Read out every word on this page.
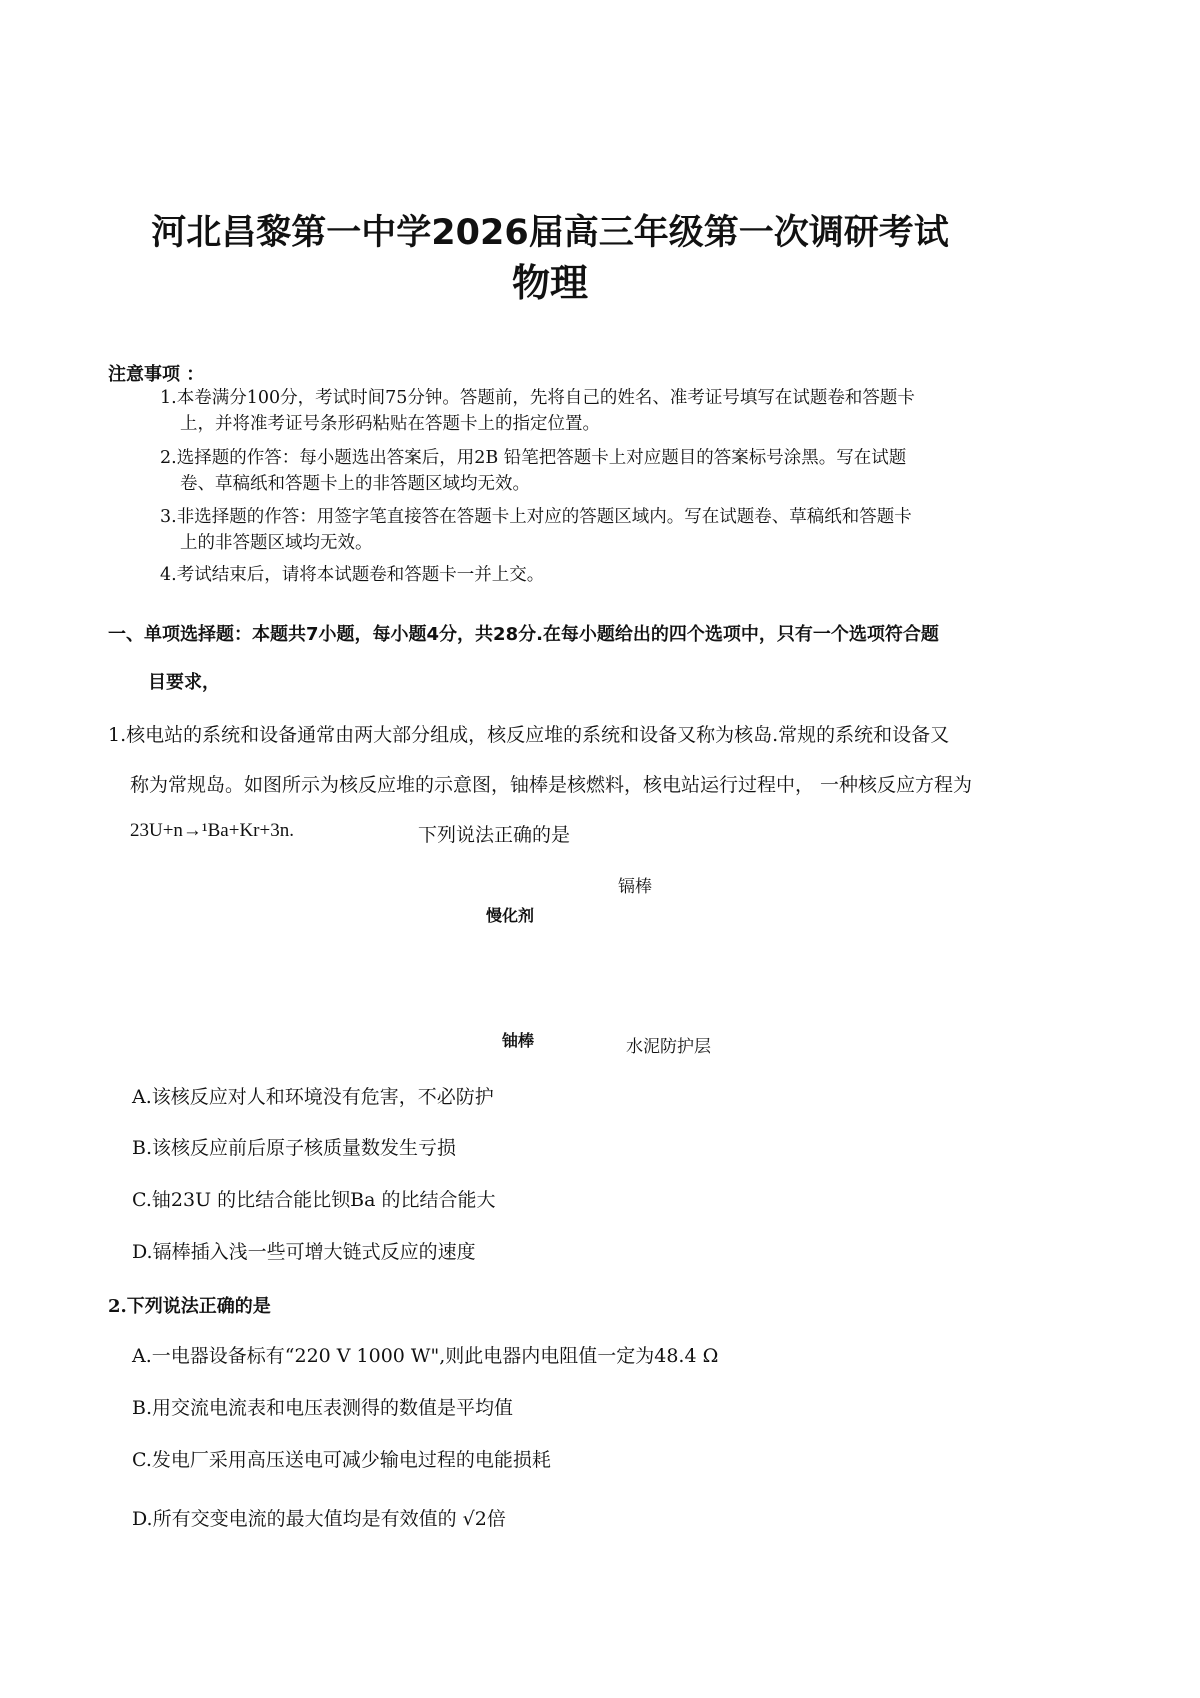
河北昌黎第一中学2026届高三年级第一次调研考试
物理
注意事项 ：
1.本卷满分100分，考试时间75分钟。答题前，先将自己的姓名、准考证号填写在试题卷和答题卡
上，并将准考证号条形码粘贴在答题卡上的指定位置。
2.选择题的作答：每小题选出答案后，用2B 铅笔把答题卡上对应题目的答案标号涂黑。写在试题
卷、草稿纸和答题卡上的非答题区域均无效。
3.非选择题的作答：用签字笔直接答在答题卡上对应的答题区域内。写在试题卷、草稿纸和答题卡
上的非答题区域均无效。
4.考试结束后，请将本试题卷和答题卡一并上交。
一、单项选择题：本题共7小题，每小题4分，共28分.在每小题给出的四个选项中，只有一个选项符合题
目要求，
1.核电站的系统和设备通常由两大部分组成，核反应堆的系统和设备又称为核岛.常规的系统和设备又
称为常规岛。如图所示为核反应堆的示意图，铀棒是核燃料，核电站运行过程中， 一种核反应方程为
23U+n→¹Ba+Kr+3n.	下列说法正确的是
镉棒
慢化剂
铀棒	水泥防护层
A.该核反应对人和环境没有危害，不必防护
B.该核反应前后原子核质量数发生亏损
C.铀23U 的比结合能比钡Ba 的比结合能大
D.镉棒插入浅一些可增大链式反应的速度
2.下列说法正确的是
A.一电器设备标有“220 V 1000 W",则此电器内电阻值一定为48.4 Ω
B.用交流电流表和电压表测得的数值是平均值
C.发电厂采用高压送电可减少输电过程的电能损耗
D.所有交变电流的最大值均是有效值的 √2倍
